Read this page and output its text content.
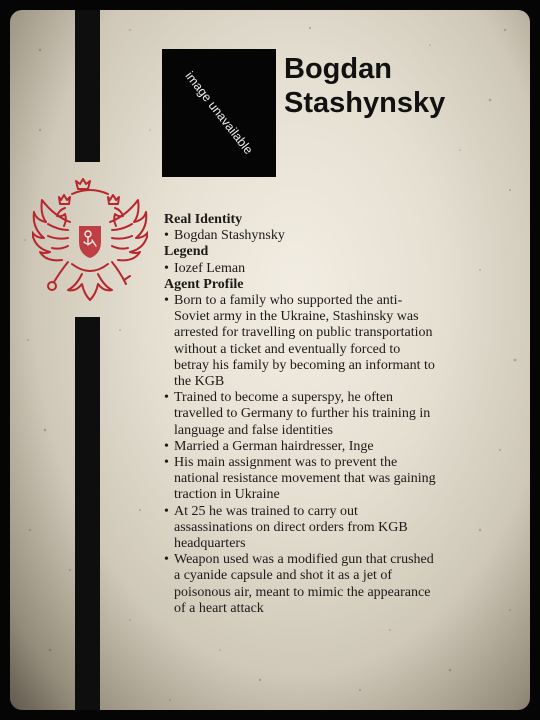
image unavailable Bogdan
Stashynsky
Real Identity
• Bogdan Stashynsky
Legend
• Iozef Leman
Agent Profile
• Born to a family who supported the anti-Soviet army in the Ukraine, Stashinsky was arrested for travelling on public transportation without a ticket and eventually forced to betray his family by becoming an informant to the KGB
• Trained to become a superspy, he often travelled to Germany to further his training in language and false identities
• Married a German hairdresser, Inge
• His main assignment was to prevent the national resistance movement that was gaining traction in Ukraine
• At 25 he was trained to carry out assassinations on direct orders from KGB headquarters
• Weapon used was a modified gun that crushed a cyanide capsule and shot it as a jet of poisonous air, meant to mimic the appearance of a heart attack
